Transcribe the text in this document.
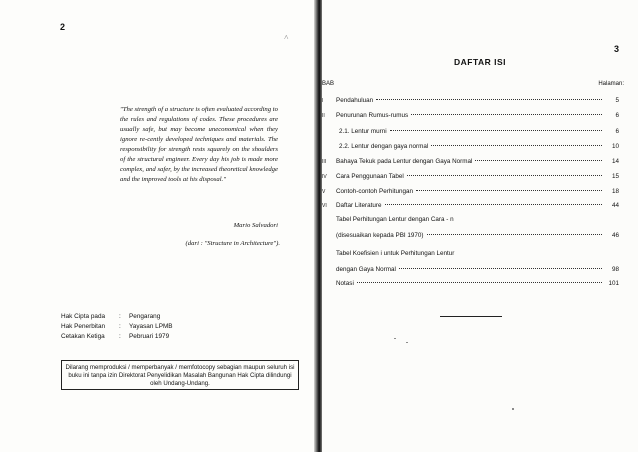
2
˄
"The strength of a structure is often evaluated according to the rules and regulations of codes. These procedures are usually safe, but may become uneconomical when they ignore re-cently developed techniques and materials. The responsibility for strength rests squarely on the shoulders of the structural engineer. Every day his job is made more complex, and safer, by the increased theoretical knowledge and the improved tools at his disposal."
Mario Salvadori
(dari : "Structure in Architecture").
Hak Cipta pada	: Pengarang
Hak Penerbitan	: Yayasan LPMB
Cetakan Ketiga	: Pebruari 1979
Dilarang memproduksi / memperbanyak / memfotocopy sebagian maupun seluruh isi buku ini tanpa izin Direktorat Penyelidikan Masalah Bangunan Hak Cipta dilindungi oleh Undang-Undang.
3
DAFTAR ISI
BAB	Halaman:
I	Pendahuluan	5
II	Penurunan Rumus-rumus	6
2.1. Lentur murni	6
2.2. Lentur dengan gaya normal	10
III	Bahaya Tekuk pada Lentur dengan Gaya Normal	14
IV	Cara Penggunaan Tabel	15
V	Contoh-contoh Perhitungan	18
VI	Daftar Literature	44
Tabel Perhitungan Lentur dengan Cara - n
(disesuaikan kepada PBI 1970)	46
Tabel Koefisien i untuk Perhitungan Lentur
dengan Gaya Normal	98
Notasi	101
